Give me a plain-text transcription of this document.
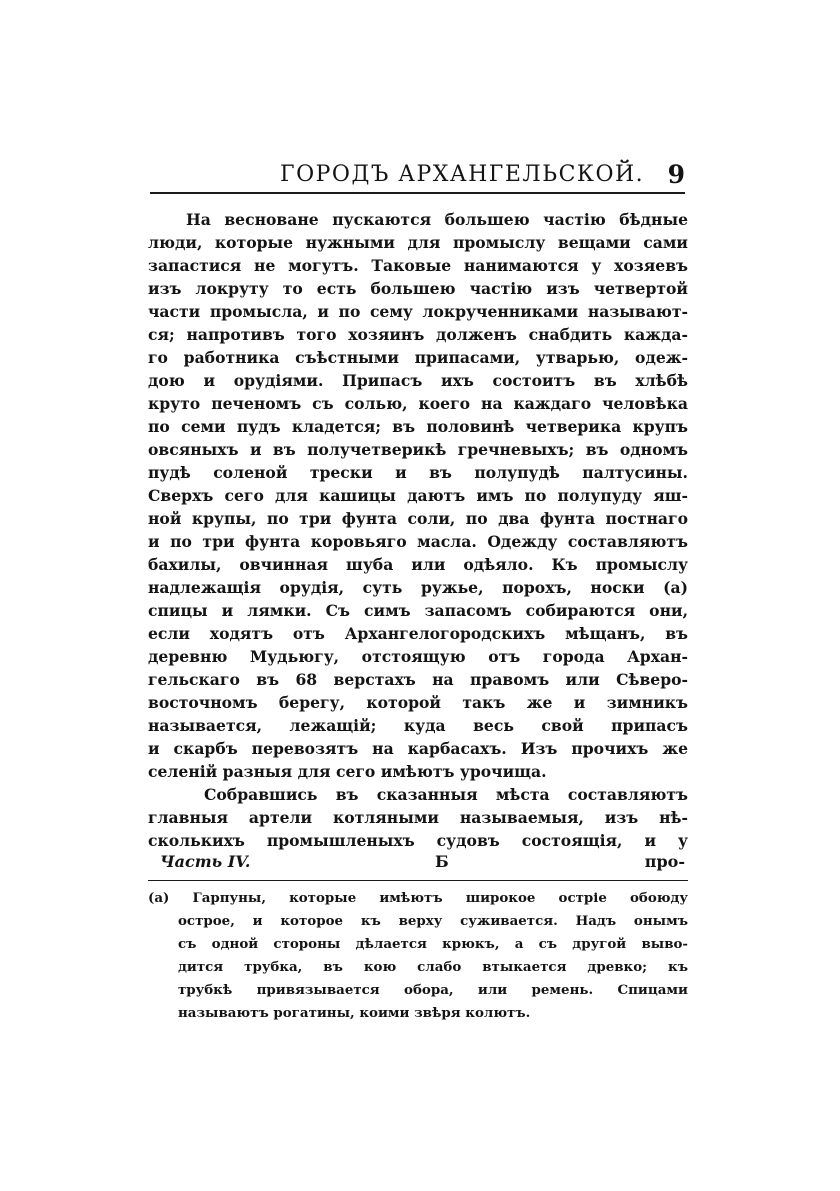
ГОРОДЪ АРХАНГЕЛЬСКОЙ. 9
На весноване пускаются большею частію бѣдные
люди, которые нужными для промыслу вещами сами
запастися не могутъ. Таковые нанимаются у хозяевъ
изъ локруту то есть большею частію изъ четвертой
части промысла, и по сему локрученниками называют-
ся; напротивъ того хозяинъ долженъ снабдить кажда-
го работника съѣстными припасами, утварью, одеж-
дою и орудіями. Припасъ ихъ состоитъ въ хлѣбѣ
круто печеномъ съ солью, коего на каждаго человѣка
по семи пудъ кладется; въ половинѣ четверика крупъ
овсяныхъ и въ получетверикѣ гречневыхъ; въ одномъ
пудѣ соленой трески и въ полупудѣ палтусины.
Сверхъ сего для кашицы даютъ имъ по полупуду яш-
ной крупы, по три фунта соли, по два фунта постнаго
и по три фунта коровьяго масла. Одежду составляютъ
бахилы, овчинная шуба или одѣяло. Къ промыслу
надлежащія орудія, суть ружье, порохъ, носки (а)
спицы и лямки. Съ симъ запасомъ собираются они,
если ходятъ отъ Архангелогородскихъ мѣщанъ, въ
деревню Мудьюгу, отстоящую отъ города Архан-
гельскаго въ 68 верстахъ на правомъ или Сѣверо-
восточномъ берегу, которой такъ же и зимникъ
называется, лежащій; куда весь свой припасъ
и скарбъ перевозятъ на карбасахъ. Изъ прочихъ же
селеній разныя для сего имѣютъ урочища.
Собравшись въ сказанныя мѣста составляютъ
главныя артели котляными называемыя, изъ нѣ-
сколькихъ промышленыхъ судовъ состоящія, и у
Часть IV.	Б	про-
(а) Гарпуны, которые имѣютъ широкое остріе обоюду
острое, и которое къ верху суживается. Надъ онымъ
съ одной стороны дѣлается крюкъ, а съ другой выво-
дится трубка, въ кою слабо втыкается древко; къ
трубкѣ привязывается обора, или ремень. Спицами
называютъ рогатины, коими звѣря колютъ.
